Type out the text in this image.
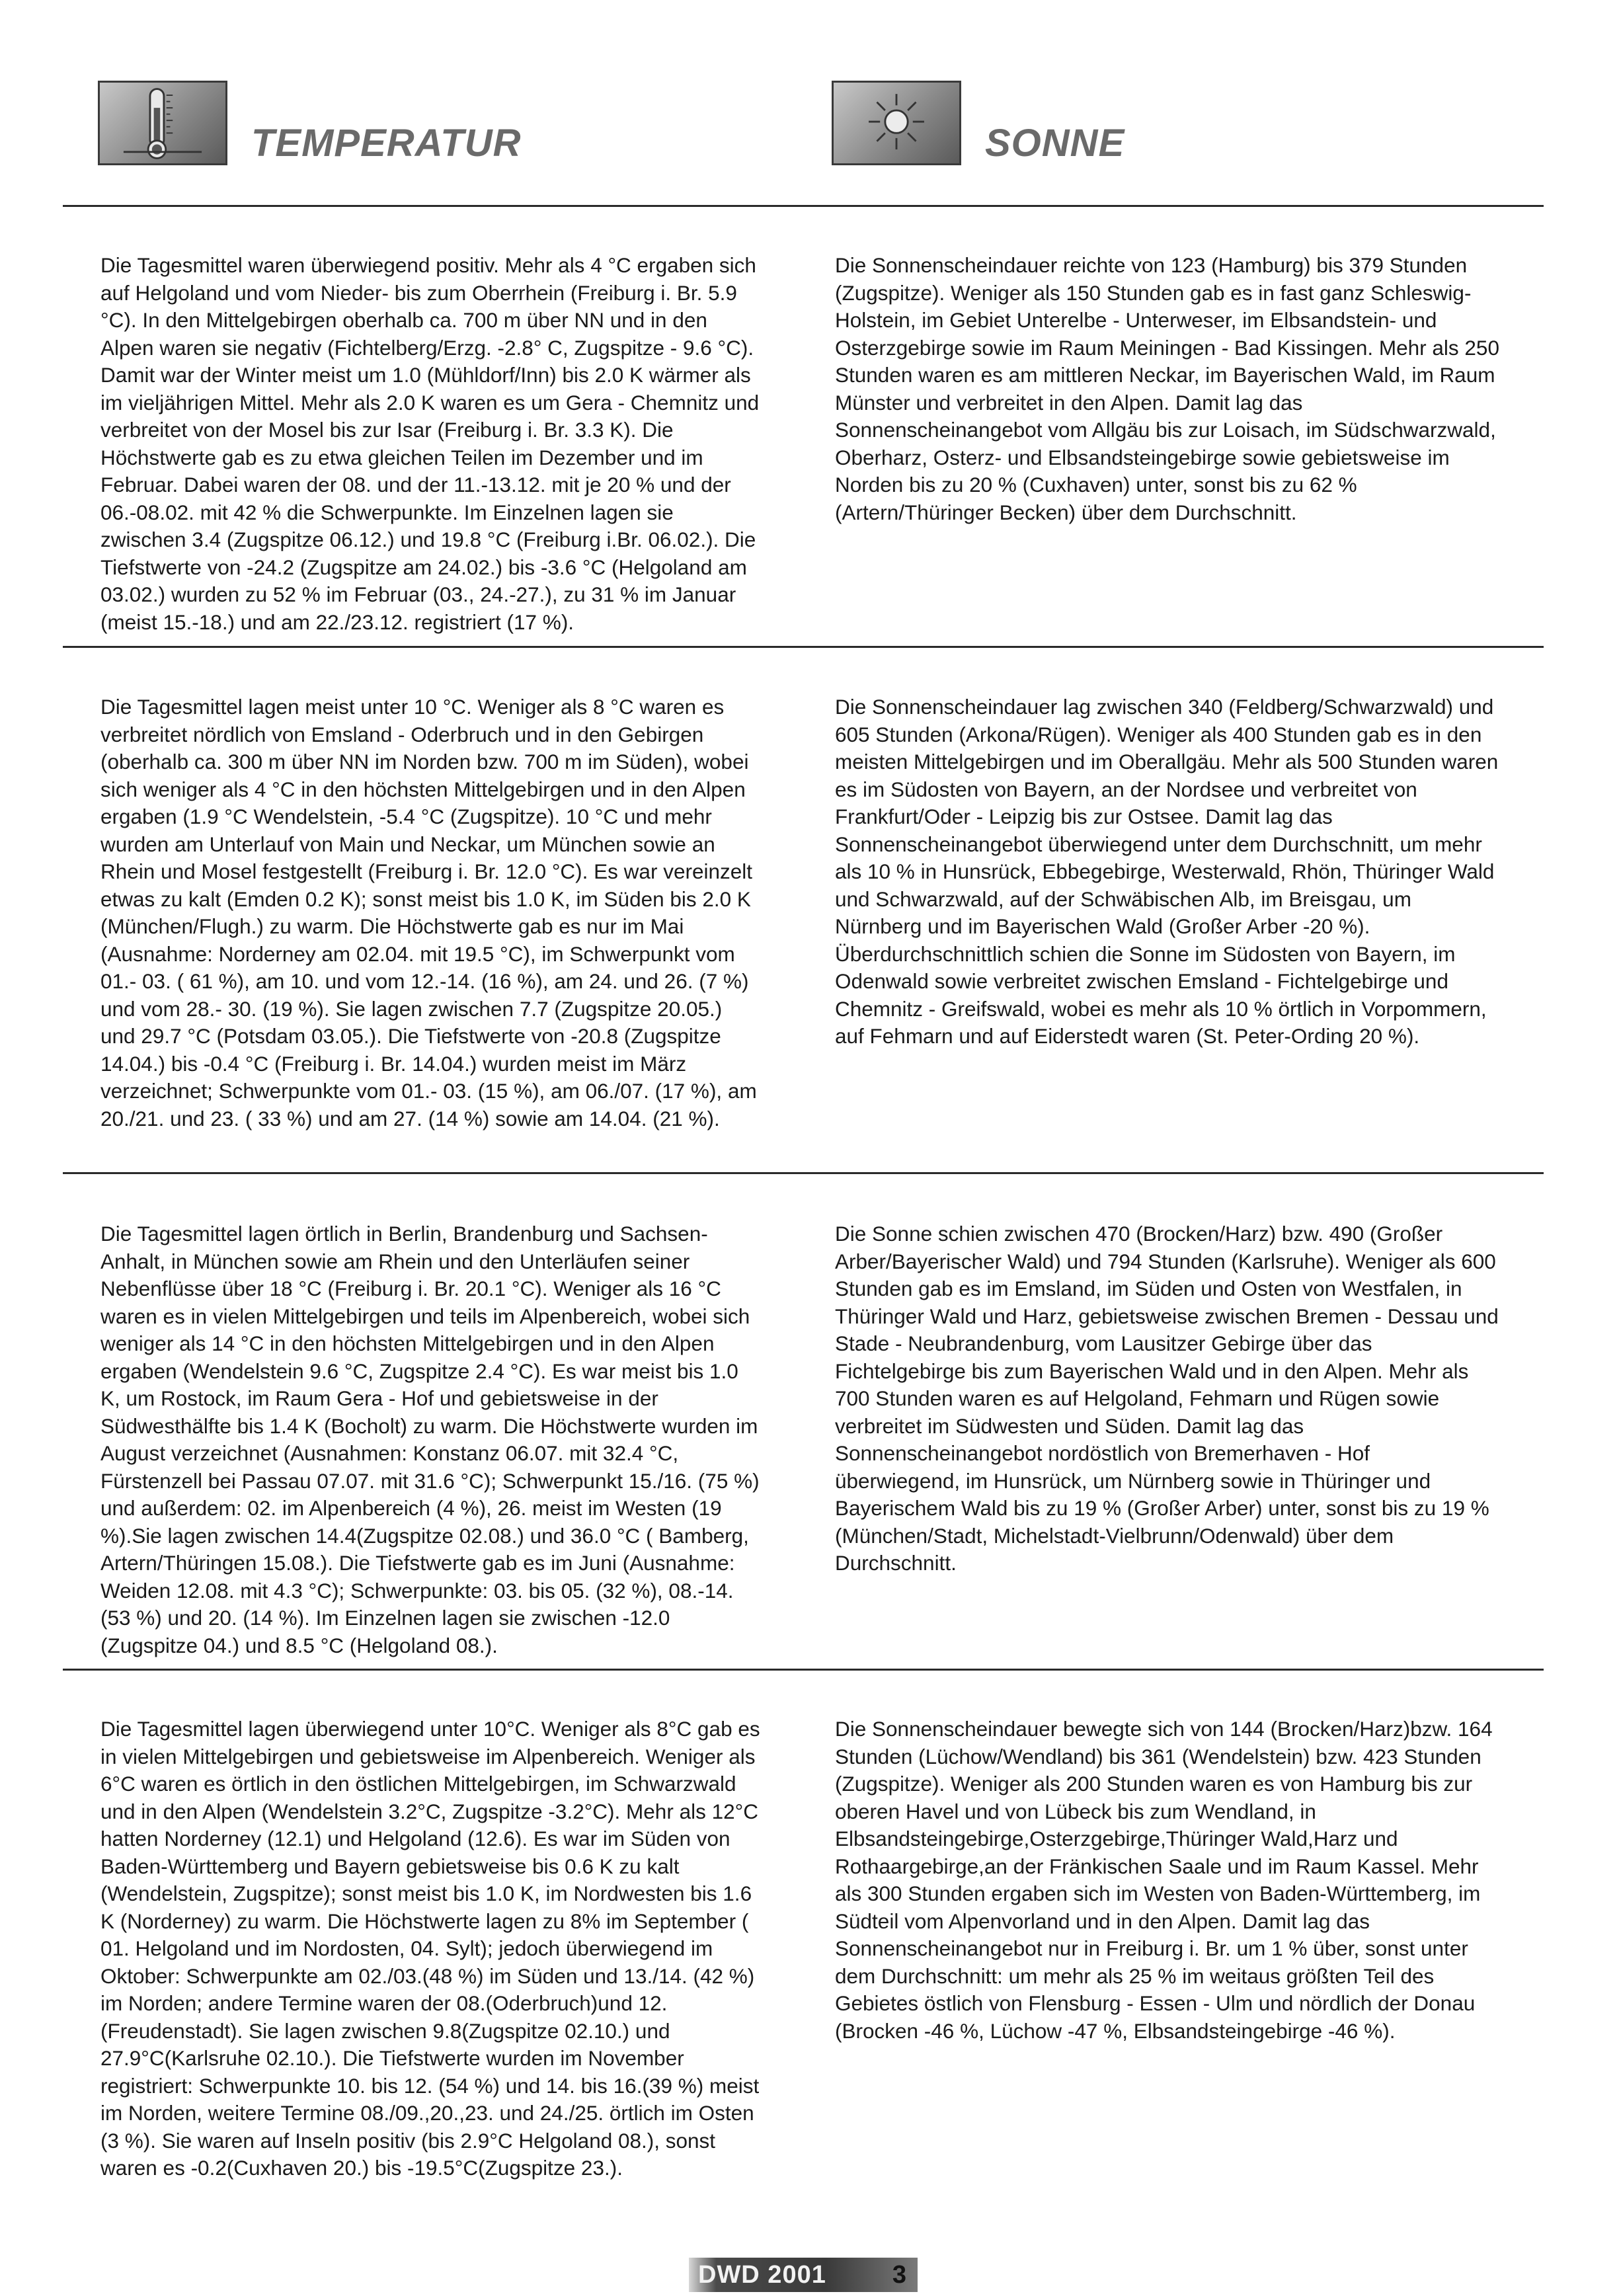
TEMPERATUR	SONNE
Die Tagesmittel waren überwiegend positiv. Mehr als 4 °C ergaben sich auf Helgoland und vom Nieder- bis zum Oberrhein (Freiburg i. Br. 5.9 °C). In den Mittelgebirgen oberhalb ca. 700 m über NN und in den Alpen waren sie negativ (Fichtelberg/Erzg. -2.8° C, Zugspitze - 9.6 °C). Damit war der Winter meist um 1.0 (Mühldorf/Inn) bis 2.0 K wärmer als im vieljährigen Mittel. Mehr als 2.0 K waren es um Gera - Chemnitz und verbreitet von der Mosel bis zur Isar (Freiburg i. Br. 3.3 K). Die Höchstwerte gab es zu etwa gleichen Teilen im Dezember und im Februar. Dabei waren der 08. und der 11.-13.12. mit je 20 % und der 06.-08.02. mit 42 % die Schwerpunkte. Im Einzelnen lagen sie zwischen 3.4 (Zugspitze 06.12.) und 19.8 °C (Freiburg i.Br. 06.02.). Die Tiefstwerte von -24.2 (Zugspitze am 24.02.) bis -3.6 °C (Helgoland am 03.02.) wurden zu 52 % im Februar (03., 24.-27.), zu 31 % im Januar (meist 15.-18.) und am 22./23.12. registriert (17 %).
Die Sonnenscheindauer reichte von 123 (Hamburg) bis 379 Stunden (Zugspitze). Weniger als 150 Stunden gab es in fast ganz Schleswig-Holstein, im Gebiet Unterelbe - Unterweser, im Elbsandstein- und Osterzgebirge sowie im Raum Meiningen - Bad Kissingen. Mehr als 250 Stunden waren es am mittleren Neckar, im Bayerischen Wald, im Raum Münster und verbreitet in den Alpen. Damit lag das Sonnenscheinangebot vom Allgäu bis zur Loisach, im Südschwarzwald, Oberharz, Osterz- und Elbsandsteingebirge sowie gebietsweise im Norden bis zu 20 % (Cuxhaven) unter, sonst bis zu 62 % (Artern/Thüringer Becken) über dem Durchschnitt.
Die Tagesmittel lagen meist unter 10 °C. Weniger als 8 °C waren es verbreitet nördlich von Emsland - Oderbruch und in den Gebirgen (oberhalb ca. 300 m über NN im Norden bzw. 700 m im Süden), wobei sich weniger als 4 °C in den höchsten Mittelgebirgen und in den Alpen ergaben (1.9 °C Wendelstein, -5.4 °C (Zugspitze). 10 °C und mehr wurden am Unterlauf von Main und Neckar, um München sowie an Rhein und Mosel festgestellt (Freiburg i. Br. 12.0 °C). Es war vereinzelt etwas zu kalt (Emden 0.2 K); sonst meist bis 1.0 K, im Süden bis 2.0 K (München/Flugh.) zu warm. Die Höchstwerte gab es nur im Mai (Ausnahme: Norderney am 02.04. mit 19.5 °C), im Schwerpunkt vom 01.- 03. ( 61 %), am 10. und vom 12.-14. (16 %), am 24. und 26. (7 %) und vom 28.- 30. (19 %). Sie lagen zwischen 7.7 (Zugspitze 20.05.) und 29.7 °C (Potsdam 03.05.). Die Tiefstwerte von -20.8 (Zugspitze 14.04.) bis -0.4 °C (Freiburg i. Br. 14.04.) wurden meist im März verzeichnet; Schwerpunkte vom 01.- 03. (15 %), am 06./07. (17 %), am 20./21. und 23. ( 33 %) und am 27. (14 %) sowie am 14.04. (21 %).
Die Sonnenscheindauer lag zwischen 340 (Feldberg/Schwarzwald) und 605 Stunden (Arkona/Rügen). Weniger als 400 Stunden gab es in den meisten Mittelgebirgen und im Oberallgäu. Mehr als 500 Stunden waren es im Südosten von Bayern, an der Nordsee und verbreitet von Frankfurt/Oder - Leipzig bis zur Ostsee. Damit lag das Sonnenscheinangebot überwiegend unter dem Durchschnitt, um mehr als 10 % in Hunsrück, Ebbegebirge, Westerwald, Rhön, Thüringer Wald und Schwarzwald, auf der Schwäbischen Alb, im Breisgau, um Nürnberg und im Bayerischen Wald (Großer Arber -20 %). Überdurchschnittlich schien die Sonne im Südosten von Bayern, im Odenwald sowie verbreitet zwischen Emsland - Fichtelgebirge und Chemnitz - Greifswald, wobei es mehr als 10 % örtlich in Vorpommern, auf Fehmarn und auf Eiderstedt waren (St. Peter-Ording 20 %).
Die Tagesmittel lagen örtlich in Berlin, Brandenburg und Sachsen-Anhalt, in München sowie am Rhein und den Unterläufen seiner Nebenflüsse über 18 °C (Freiburg i. Br. 20.1 °C). Weniger als 16 °C waren es in vielen Mittelgebirgen und teils im Alpenbereich, wobei sich weniger als 14 °C in den höchsten Mittelgebirgen und in den Alpen ergaben (Wendelstein 9.6 °C, Zugspitze 2.4 °C). Es war meist bis 1.0 K, um Rostock, im Raum Gera - Hof und gebietsweise in der Südwesthälfte bis 1.4 K (Bocholt) zu warm. Die Höchstwerte wurden im August verzeichnet (Ausnahmen: Konstanz 06.07. mit 32.4 °C, Fürstenzell bei Passau 07.07. mit 31.6 °C); Schwerpunkt 15./16. (75 %) und außerdem: 02. im Alpenbereich (4 %), 26. meist im Westen (19 %).Sie lagen zwischen 14.4(Zugspitze 02.08.) und 36.0 °C ( Bamberg, Artern/Thüringen 15.08.). Die Tiefstwerte gab es im Juni (Ausnahme: Weiden 12.08. mit 4.3 °C); Schwerpunkte: 03. bis 05. (32 %), 08.-14. (53 %) und 20. (14 %). Im Einzelnen lagen sie zwischen -12.0 (Zugspitze 04.) und 8.5 °C (Helgoland 08.).
Die Sonne schien zwischen 470 (Brocken/Harz) bzw. 490 (Großer Arber/Bayerischer Wald) und 794 Stunden (Karlsruhe). Weniger als 600 Stunden gab es im Emsland, im Süden und Osten von Westfalen, in Thüringer Wald und Harz, gebietsweise zwischen Bremen - Dessau und Stade - Neubrandenburg, vom Lausitzer Gebirge über das Fichtelgebirge bis zum Bayerischen Wald und in den Alpen. Mehr als 700 Stunden waren es auf Helgoland, Fehmarn und Rügen sowie verbreitet im Südwesten und Süden. Damit lag das Sonnenscheinangebot nordöstlich von Bremerhaven - Hof überwiegend, im Hunsrück, um Nürnberg sowie in Thüringer und Bayerischem Wald bis zu 19 % (Großer Arber) unter, sonst bis zu 19 % (München/Stadt, Michelstadt-Vielbrunn/Odenwald) über dem Durchschnitt.
Die Tagesmittel lagen überwiegend unter 10°C. Weniger als 8°C gab es in vielen Mittelgebirgen und gebietsweise im Alpenbereich. Weniger als 6°C waren es örtlich in den östlichen Mittelgebirgen, im Schwarzwald und in den Alpen (Wendelstein 3.2°C, Zugspitze -3.2°C). Mehr als 12°C hatten Norderney (12.1) und Helgoland (12.6). Es war im Süden von Baden-Württemberg und Bayern gebietsweise bis 0.6 K zu kalt (Wendelstein, Zugspitze); sonst meist bis 1.0 K, im Nordwesten bis 1.6 K (Norderney) zu warm. Die Höchstwerte lagen zu 8% im September ( 01. Helgoland und im Nordosten, 04. Sylt); jedoch überwiegend im Oktober: Schwerpunkte am 02./03.(48 %) im Süden und 13./14. (42 %) im Norden; andere Termine waren der 08.(Oderbruch)und 12.(Freudenstadt). Sie lagen zwischen 9.8(Zugspitze 02.10.) und 27.9°C(Karlsruhe 02.10.). Die Tiefstwerte wurden im November registriert: Schwerpunkte 10. bis 12. (54 %) und 14. bis 16.(39 %) meist im Norden, weitere Termine 08./09.,20.,23. und 24./25. örtlich im Osten (3 %). Sie waren auf Inseln positiv (bis 2.9°C Helgoland 08.), sonst waren es -0.2(Cuxhaven 20.) bis -19.5°C(Zugspitze 23.).
Die Sonnenscheindauer bewegte sich von 144 (Brocken/Harz)bzw. 164 Stunden (Lüchow/Wendland) bis 361 (Wendelstein) bzw. 423 Stunden (Zugspitze). Weniger als 200 Stunden waren es von Hamburg bis zur oberen Havel und von Lübeck bis zum Wendland, in Elbsandsteingebirge,Osterzgebirge,Thüringer Wald,Harz und Rothaargebirge,an der Fränkischen Saale und im Raum Kassel. Mehr als 300 Stunden ergaben sich im Westen von Baden-Württemberg, im Südteil vom Alpenvorland und in den Alpen. Damit lag das Sonnenscheinangebot nur in Freiburg i. Br. um 1 % über, sonst unter dem Durchschnitt: um mehr als 25 % im weitaus größten Teil des Gebietes östlich von Flensburg - Essen - Ulm und nördlich der Donau (Brocken -46 %, Lüchow -47 %, Elbsandsteingebirge -46 %).
DWD 2001	3
